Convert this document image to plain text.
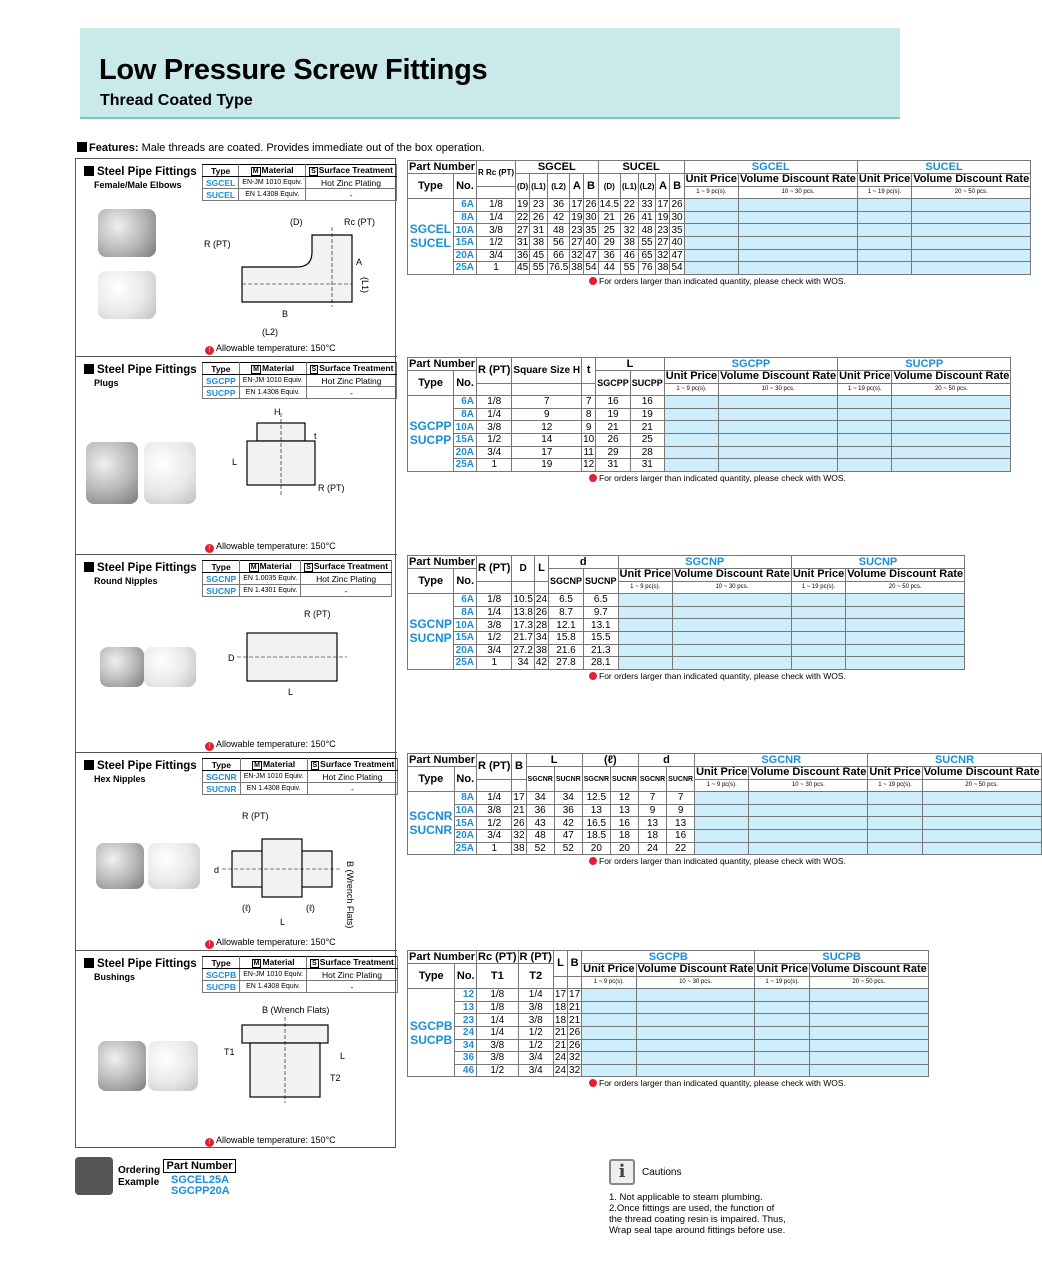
Low Pressure Screw Fittings
Thread Coated Type
Features: Male threads are coated. Provides immediate out of the box operation.
Steel Pipe Fittings
Female/Male Elbows
Type	M Material	S Surface Treatment
SGCEL	EN-JM 1010 Equiv.	Hot Zinc Plating
SUCEL	EN 1.4308 Equiv.	-
(D)	Rc (PT)
R (PT)
A
(L1)
B
(L2)
! Allowable temperature: 150°C
Steel Pipe Fittings
Plugs
Type	M Material	S Surface Treatment
SGCPP	EN-JM 1010 Equiv.	Hot Zinc Plating
SUCPP	EN 1.4308 Equiv.	-
H
L
t
R (PT)
! Allowable temperature: 150°C
Steel Pipe Fittings
Round Nipples
Type	M Material	S Surface Treatment
SGCNP	EN 1.0035 Equiv.	Hot Zinc Plating
SUCNP	EN 1.4301 Equiv.	-
R (PT)
D
L
! Allowable temperature: 150°C
Steel Pipe Fittings
Hex Nipples
Type	M Material	S Surface Treatment
SGCNR	EN-JM 1010 Equiv.	Hot Zinc Plating
SUCNR	EN 1.4308 Equiv.	-
R (PT)
d	B (Wrench Flats)
(ℓ)	(ℓ)
L
! Allowable temperature: 150°C
Steel Pipe Fittings
Bushings
Type	M Material	S Surface Treatment
SGCPB	EN-JM 1010 Equiv.	Hot Zinc Plating
SUCPB	EN 1.4308 Equiv.	-
B (Wrench Flats)
T1
T2
L
! Allowable temperature: 150°C
Part Number		R Rc (PT)	SGCEL					SUCEL					SGCEL		SUCEL	
Type	No.		(D)	(L1)	(L2)	A	B	(D)	(L1)	(L2)	A	B	Unit Price	Volume Discount Rate	Unit Price	Volume Discount Rate
													1 ~ 9 pc(s).	10 ~ 30 pcs.	1 ~ 19 pc(s).	20 ~ 50 pcs.
SGCEL
SUCEL	6A	1/8	19	23	36	17	26	14.5	22	33	17	26				
	8A	1/4	22	26	42	19	30	21	26	41	19	30				
	10A	3/8	27	31	48	23	35	25	32	48	23	35				
	15A	1/2	31	38	56	27	40	29	38	55	27	40				
	20A	3/4	36	45	66	32	47	36	46	65	32	47				
	25A	1	45	55	76.5	38	54	44	55	76	38	54				
For orders larger than indicated quantity, please check with WOS.
Part Number		R (PT)	Square Size H	t	L		SGCPP		SUCPP	
Type	No.				SGCPP	SUCPP	Unit Price	Volume Discount Rate	Unit Price	Volume Discount Rate
							1 ~ 9 pc(s).	10 ~ 30 pcs.	1 ~ 19 pc(s).	20 ~ 50 pcs.
SGCPP
SUCPP	6A	1/8	7	7	16	16				
	8A	1/4	9	8	19	19				
	10A	3/8	12	9	21	21				
	15A	1/2	14	10	26	25				
	20A	3/4	17	11	29	28				
	25A	1	19	12	31	31				
For orders larger than indicated quantity, please check with WOS.
Part Number		R (PT)	D	L	d		SGCNP		SUCNP	
Type	No.				SGCNP	SUCNP	Unit Price	Volume Discount Rate	Unit Price	Volume Discount Rate
							1 ~ 9 pc(s).	10 ~ 30 pcs.	1 ~ 19 pc(s).	20 ~ 50 pcs.
SGCNP
SUCNP	6A	1/8	10.5	24	6.5	6.5				
	8A	1/4	13.8	26	8.7	9.7				
	10A	3/8	17.3	28	12.1	13.1				
	15A	1/2	21.7	34	15.8	15.5				
	20A	3/4	27.2	38	21.6	21.3				
	25A	1	34	42	27.8	28.1				
For orders larger than indicated quantity, please check with WOS.
Part Number		R (PT)	B	L		(ℓ)		d		SGCNR		SUCNR	
Type	No.			SGCNR	SUCNR	SGCNR	SUCNR	SGCNR	SUCNR	Unit Price	Volume Discount Rate	Unit Price	Volume Discount Rate
										1 ~ 9 pc(s).	10 ~ 30 pcs.	1 ~ 19 pc(s).	20 ~ 50 pcs.
SGCNR
SUCNR	8A	1/4	17	34	34	12.5	12	7	7				
	10A	3/8	21	36	36	13	13	9	9				
	15A	1/2	26	43	42	16.5	16	13	13				
	20A	3/4	32	48	47	18.5	18	18	16				
	25A	1	38	52	52	20	20	24	22				
For orders larger than indicated quantity, please check with WOS.
Part Number		Rc (PT)	R (PT)	L	B	SGCPB		SUCPB	
Type	No.	T1	T2			Unit Price	Volume Discount Rate	Unit Price	Volume Discount Rate
						1 ~ 9 pc(s).	10 ~ 30 pcs.	1 ~ 19 pc(s).	20 ~ 50 pcs.
SGCPB
SUCPB	12	1/8	1/4	17	17				
	13	1/8	3/8	18	21				
	23	1/4	3/8	18	21				
	24	1/4	1/2	21	26				
	34	3/8	1/2	21	26				
	36	3/8	3/4	24	32				
	46	1/2	3/4	24	32				
For orders larger than indicated quantity, please check with WOS.
Ordering
Example
Part Number
SGCEL25A
SGCPP20A
i	Cautions
1. Not applicable to steam plumbing.
2.Once fittings are used, the function of the thread coating resin is impaired. Thus, Wrap seal tape around fittings before use.
